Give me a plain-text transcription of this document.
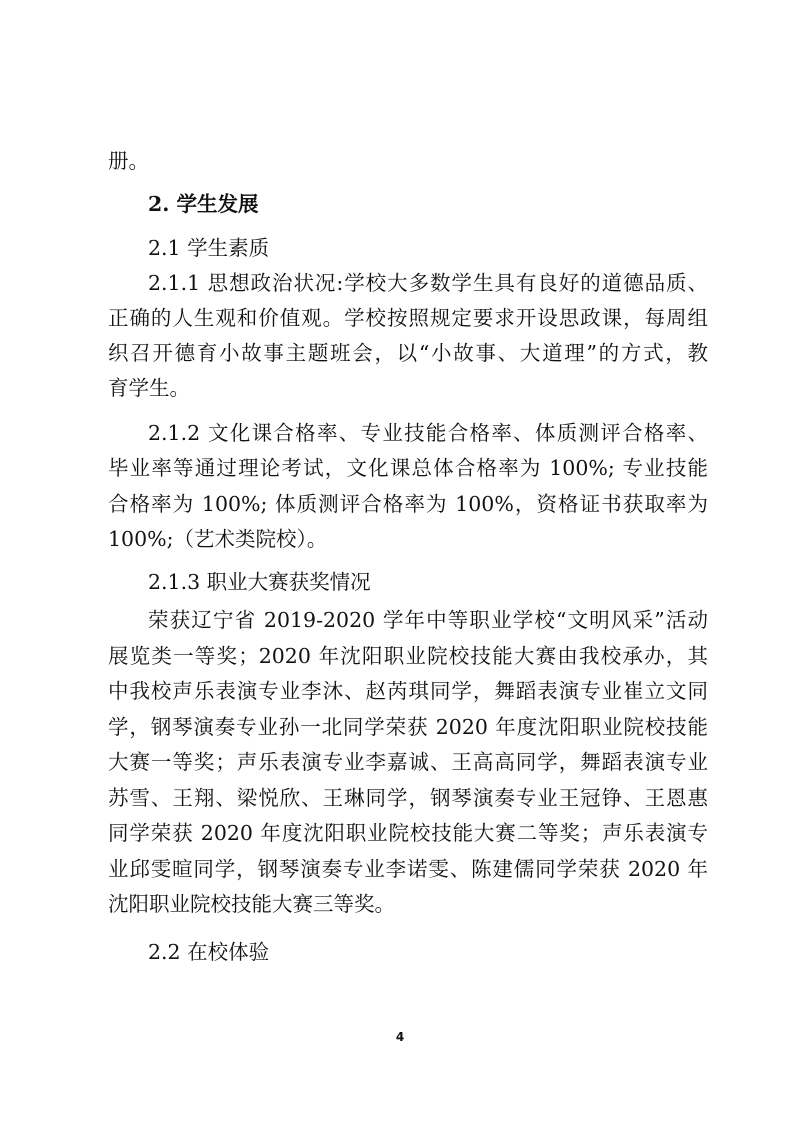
册。

2. 学生发展

2.1 学生素质

2.1.1 思想政治状况:学校大多数学生具有良好的道德品质、

正确的人生观和价值观。学校按照规定要求开设思政课，每周组

织召开德育小故事主题班会，以“小故事、大道理”的方式，教

育学生。

2.1.2 文化课合格率、专业技能合格率、体质测评合格率、

毕业率等通过理论考试，文化课总体合格率为 100%; 专业技能

合格率为 100%; 体质测评合格率为 100%，资格证书获取率为

100%;（艺术类院校）。

2.1.3 职业大赛获奖情况

荣获辽宁省 2019-2020 学年中等职业学校“文明风采”活动

展览类一等奖；2020 年沈阳职业院校技能大赛由我校承办，其

中我校声乐表演专业李沐、赵芮琪同学，舞蹈表演专业崔立文同

学，钢琴演奏专业孙一北同学荣获 2020 年度沈阳职业院校技能

大赛一等奖；声乐表演专业李嘉诚、王高高同学，舞蹈表演专业

苏雪、王翔、梁悦欣、王琳同学，钢琴演奏专业王冠铮、王恩惠

同学荣获 2020 年度沈阳职业院校技能大赛二等奖；声乐表演专

业邱雯暄同学，钢琴演奏专业李诺雯、陈建儒同学荣获 2020 年

沈阳职业院校技能大赛三等奖。

2.2 在校体验

4
